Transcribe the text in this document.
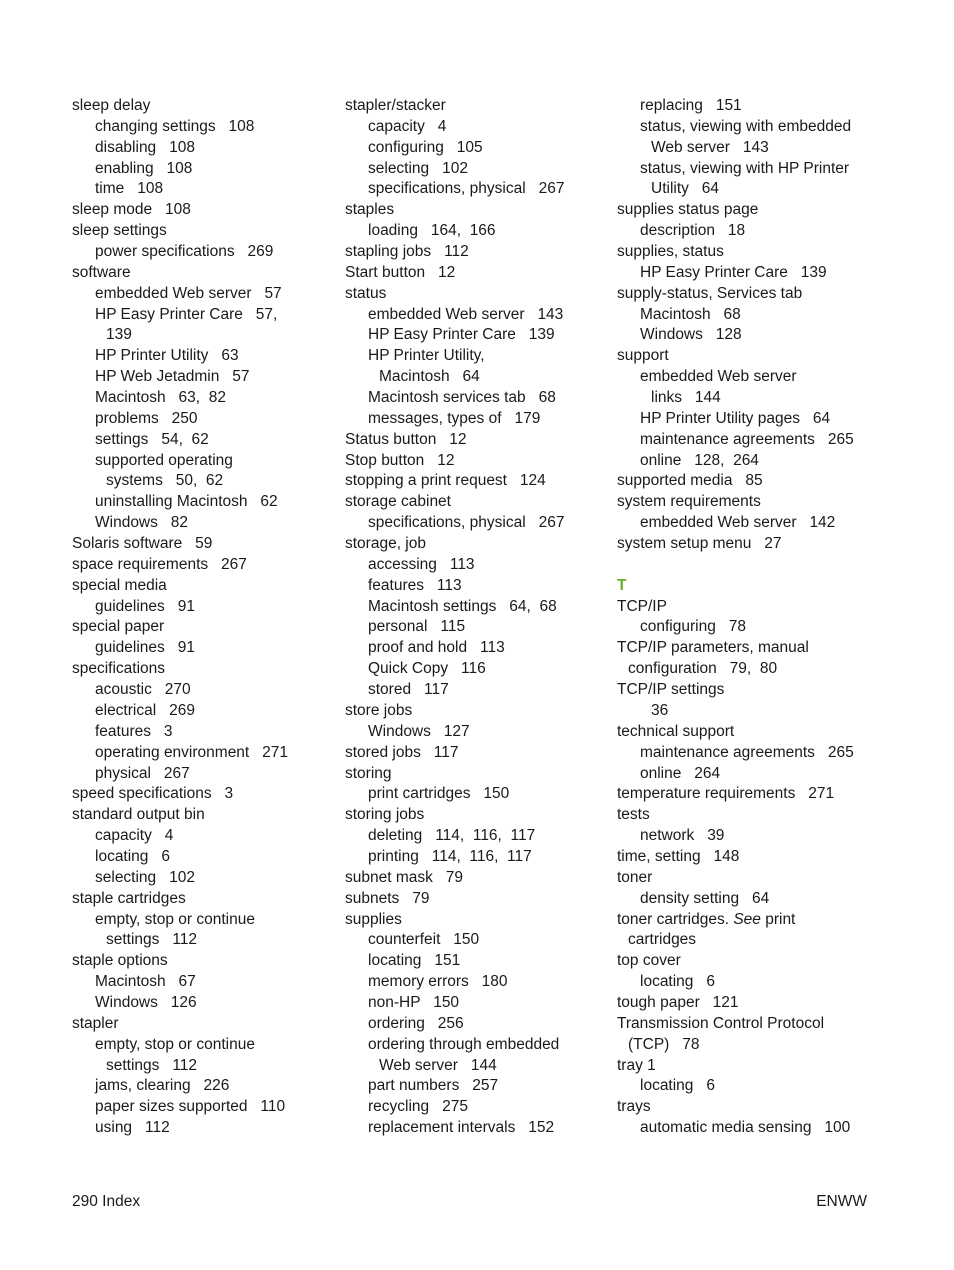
sleep delay
changing settings   108
disabling   108
enabling   108
time   108
sleep mode   108
sleep settings
power specifications   269
software
embedded Web server   57
HP Easy Printer Care   57,
139
HP Printer Utility   63
HP Web Jetadmin   57
Macintosh   63,  82
problems   250
settings   54,  62
supported operating
systems   50,  62
uninstalling Macintosh   62
Windows   82
Solaris software   59
space requirements   267
special media
guidelines   91
special paper
guidelines   91
specifications
acoustic   270
electrical   269
features   3
operating environment   271
physical   267
speed specifications   3
standard output bin
capacity   4
locating   6
selecting   102
staple cartridges
empty, stop or continue
settings   112
staple options
Macintosh   67
Windows   126
stapler
empty, stop or continue
settings   112
jams, clearing   226
paper sizes supported   110
using   112
stapler/stacker
capacity   4
configuring   105
selecting   102
specifications, physical   267
staples
loading   164,  166
stapling jobs   112
Start button   12
status
embedded Web server   143
HP Easy Printer Care   139
HP Printer Utility,
Macintosh   64
Macintosh services tab   68
messages, types of   179
Status button   12
Stop button   12
stopping a print request   124
storage cabinet
specifications, physical   267
storage, job
accessing   113
features   113
Macintosh settings   64,  68
personal   115
proof and hold   113
Quick Copy   116
stored   117
store jobs
Windows   127
stored jobs   117
storing
print cartridges   150
storing jobs
deleting   114,  116,  117
printing   114,  116,  117
subnet mask   79
subnets   79
supplies
counterfeit   150
locating   151
memory errors   180
non-HP   150
ordering   256
ordering through embedded
Web server   144
part numbers   257
recycling   275
replacement intervals   152
replacing   151
status, viewing with embedded
Web server   143
status, viewing with HP Printer
Utility   64
supplies status page
description   18
supplies, status
HP Easy Printer Care   139
supply-status, Services tab
Macintosh   68
Windows   128
support
embedded Web server
links   144
HP Printer Utility pages   64
maintenance agreements   265
online   128,  264
supported media   85
system requirements
embedded Web server   142
system setup menu   27
T
TCP/IP
configuring   78
TCP/IP parameters, manual
configuration   79,  80
TCP/IP settings
36
technical support
maintenance agreements   265
online   264
temperature requirements   271
tests
network   39
time, setting   148
toner
density setting   64
toner cartridges. See print
cartridges
top cover
locating   6
tough paper   121
Transmission Control Protocol
(TCP)   78
tray 1
locating   6
trays
automatic media sensing   100
290 Index	ENWW
